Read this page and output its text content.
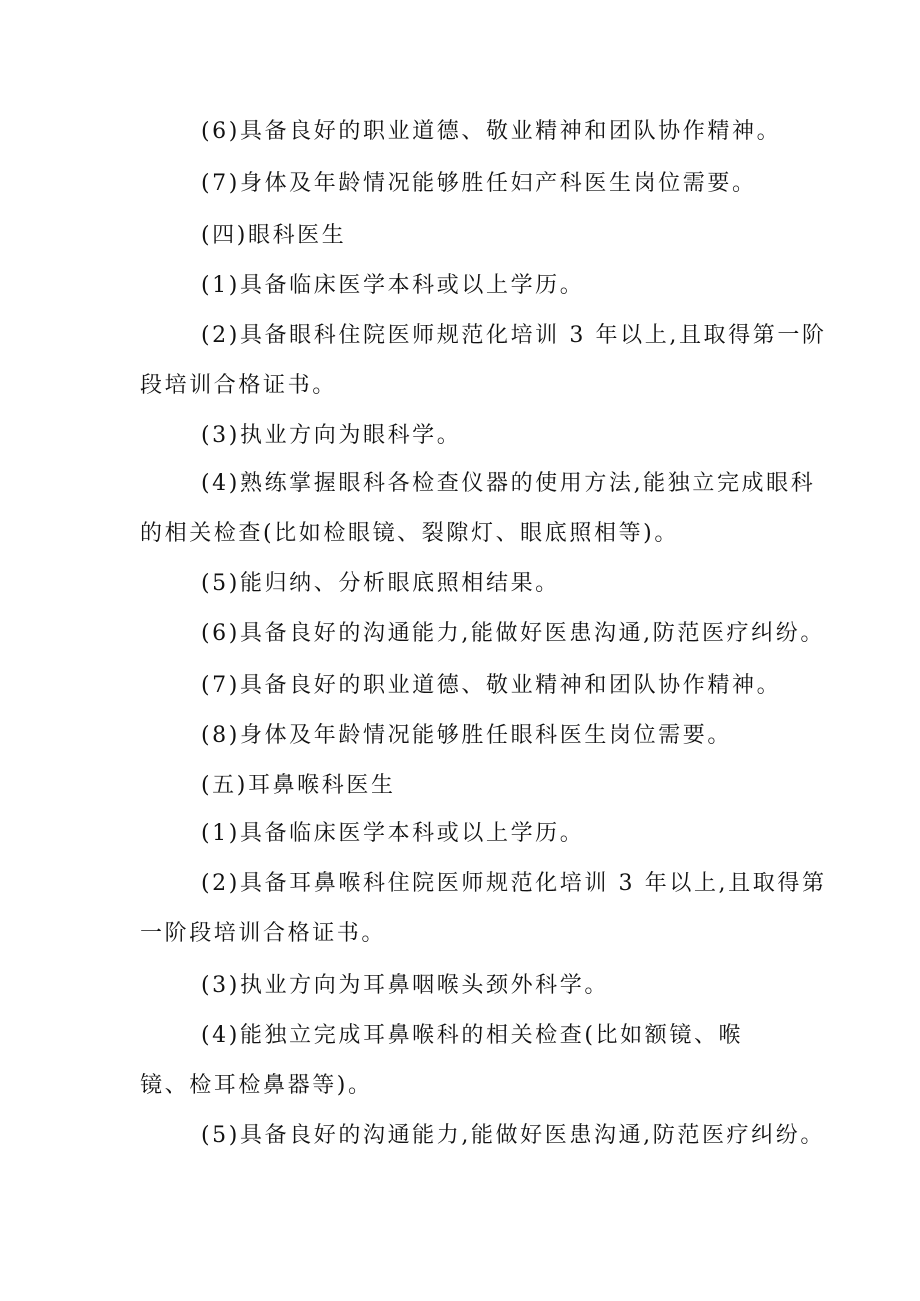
(6)具备良好的职业道德、敬业精神和团队协作精神。
(7)身体及年龄情况能够胜任妇产科医生岗位需要。
(四)眼科医生
(1)具备临床医学本科或以上学历。
(2)具备眼科住院医师规范化培训 3 年以上,且取得第一阶
段培训合格证书。
(3)执业方向为眼科学。
(4)熟练掌握眼科各检查仪器的使用方法,能独立完成眼科
的相关检查(比如检眼镜、裂隙灯、眼底照相等)。
(5)能归纳、分析眼底照相结果。
(6)具备良好的沟通能力,能做好医患沟通,防范医疗纠纷。
(7)具备良好的职业道德、敬业精神和团队协作精神。
(8)身体及年龄情况能够胜任眼科医生岗位需要。
(五)耳鼻喉科医生
(1)具备临床医学本科或以上学历。
(2)具备耳鼻喉科住院医师规范化培训 3 年以上,且取得第
一阶段培训合格证书。
(3)执业方向为耳鼻咽喉头颈外科学。
(4)能独立完成耳鼻喉科的相关检查(比如额镜、喉
镜、检耳检鼻器等)。
(5)具备良好的沟通能力,能做好医患沟通,防范医疗纠纷。
